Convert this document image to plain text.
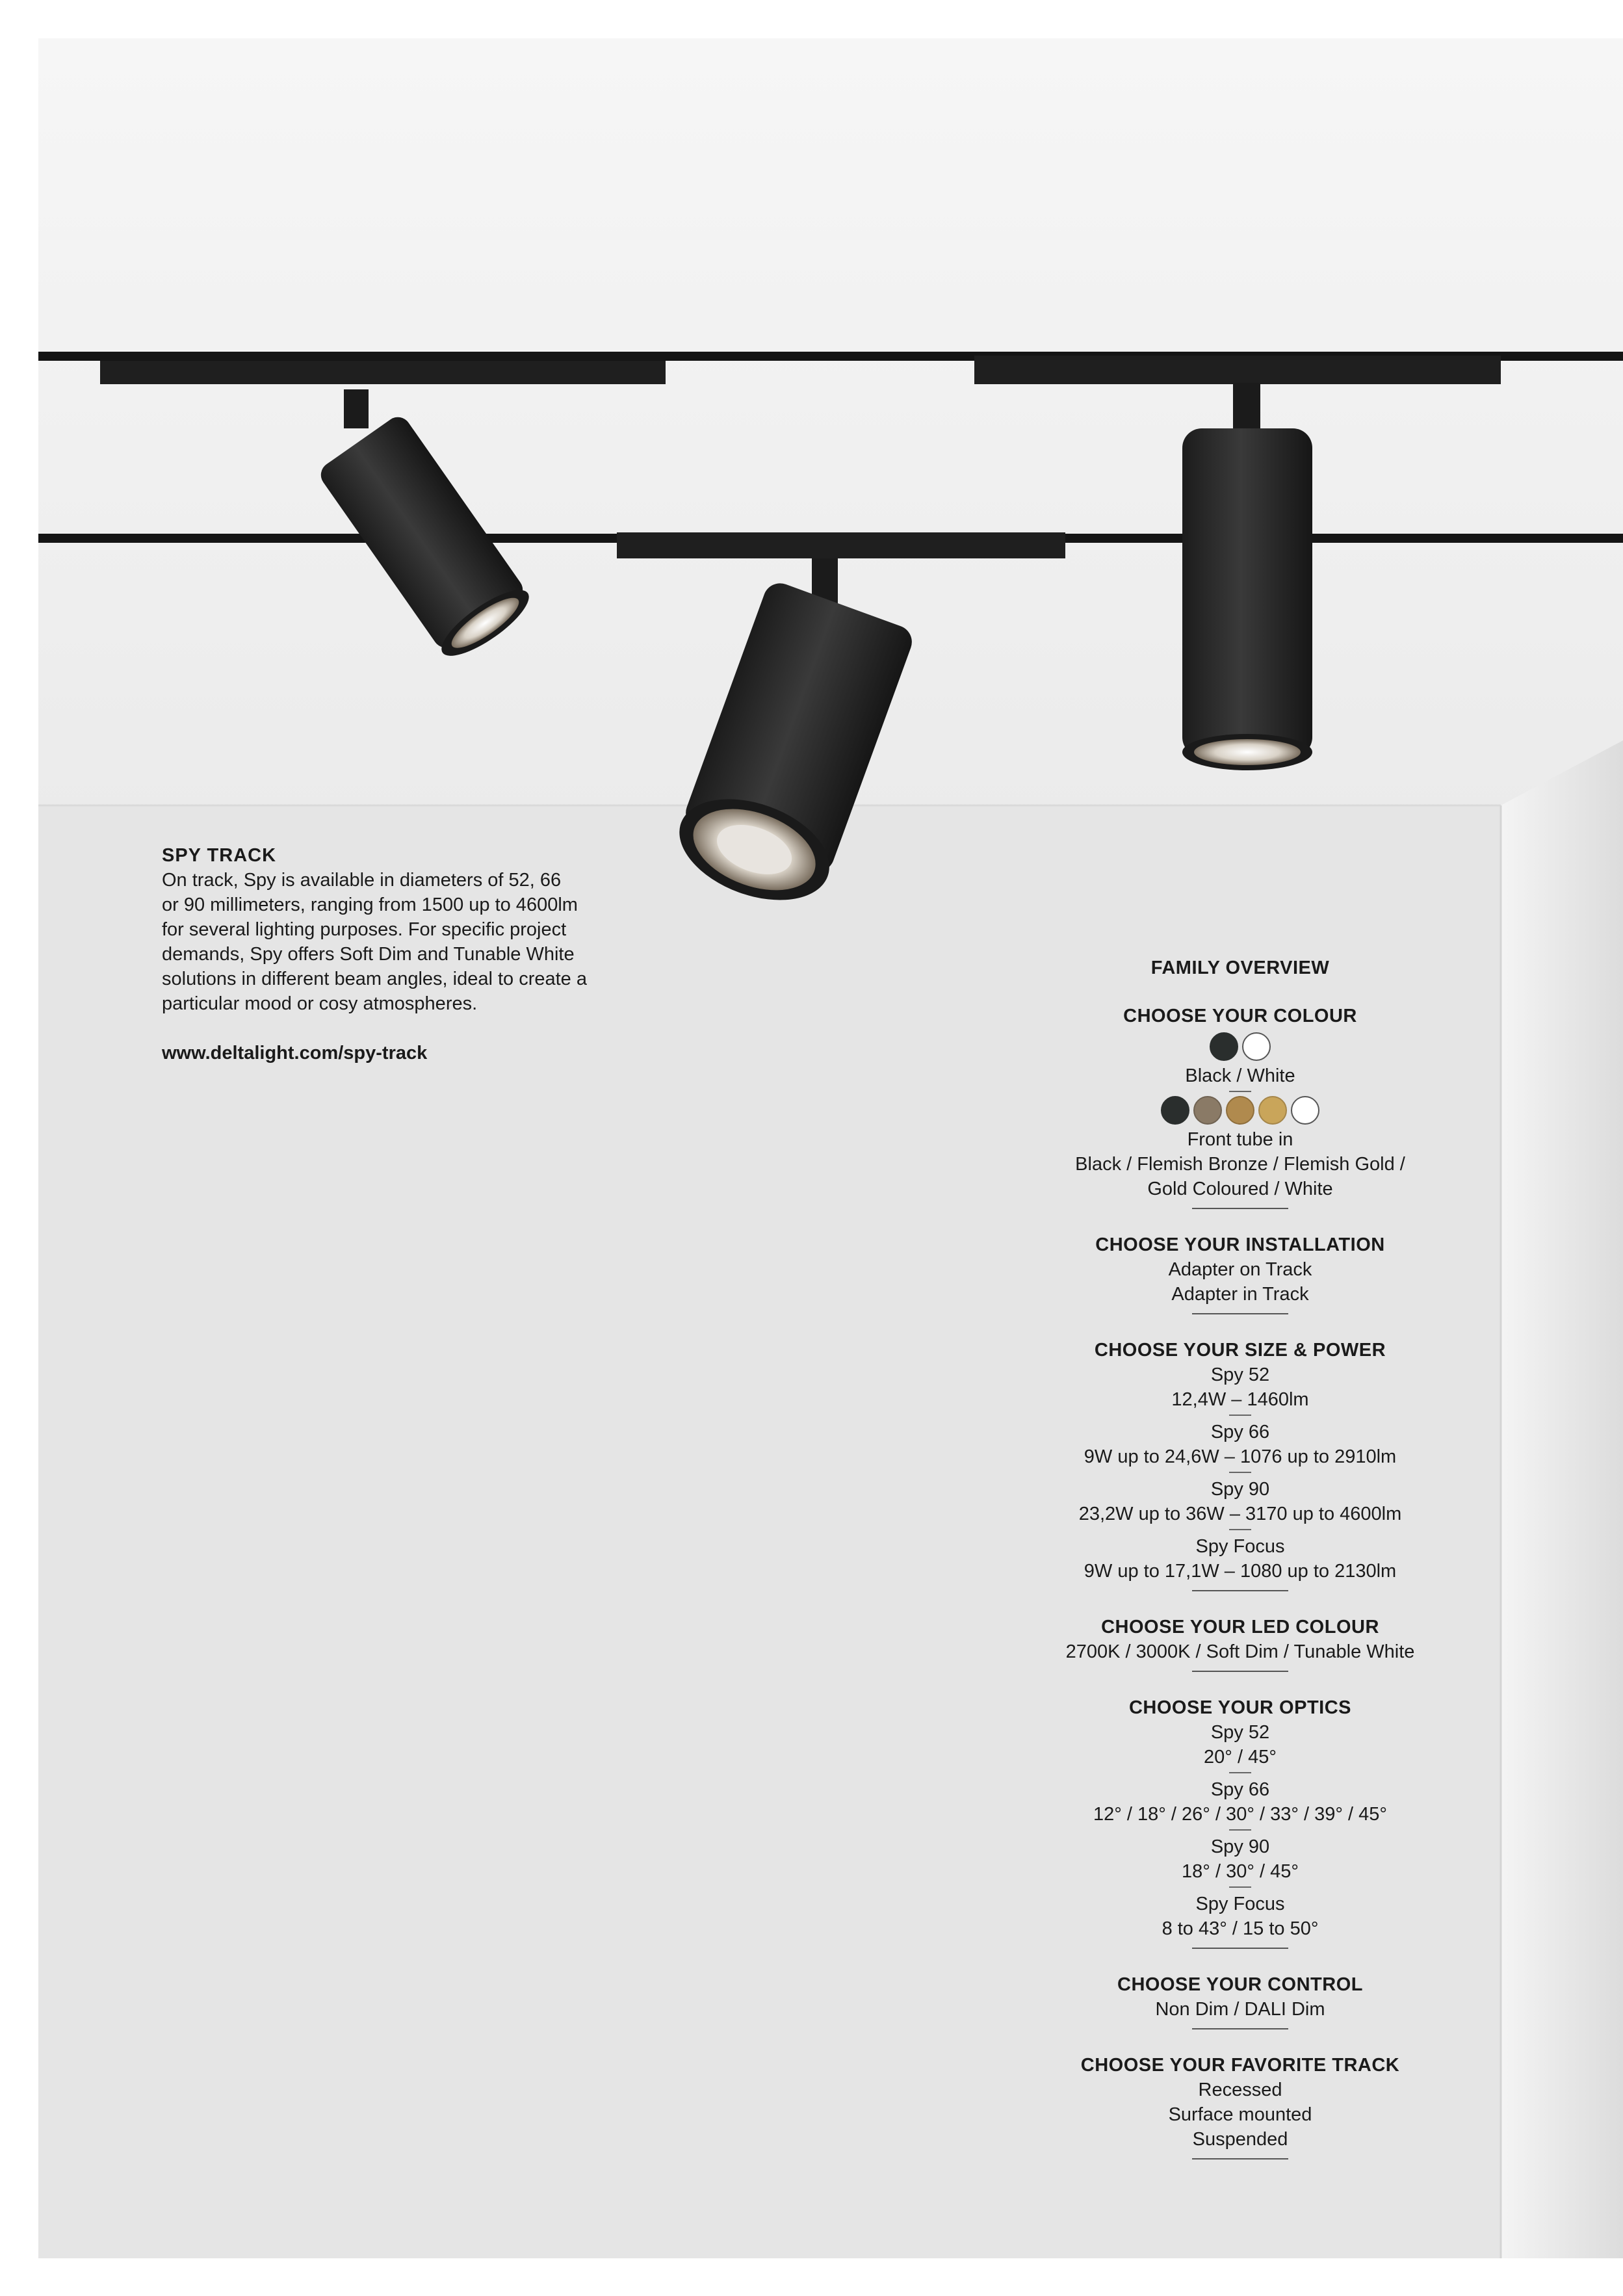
SPY TRACK
On track, Spy is available in diameters of 52, 66
or 90 millimeters, ranging from 1500 up to 4600lm
for several lighting purposes. For specific project
demands, Spy offers Soft Dim and Tunable White
solutions in different beam angles, ideal to create a
particular mood or cosy atmospheres.
www.deltalight.com/spy-track
FAMILY OVERVIEW
CHOOSE YOUR COLOUR
Black / White
Front tube in
Black / Flemish Bronze / Flemish Gold /
Gold Coloured / White
CHOOSE YOUR INSTALLATION
Adapter on Track
Adapter in Track
CHOOSE YOUR SIZE & POWER
Spy 52
12,4W – 1460lm
Spy 66
9W up to 24,6W – 1076 up to 2910lm
Spy 90
23,2W up to 36W – 3170 up to 4600lm
Spy Focus
9W up to 17,1W – 1080 up to 2130lm
CHOOSE YOUR LED COLOUR
2700K / 3000K / Soft Dim / Tunable White
CHOOSE YOUR OPTICS
Spy 52
20° / 45°
Spy 66
12° / 18° / 26° / 30° / 33° / 39° / 45°
Spy 90
18° / 30° / 45°
Spy Focus
8 to 43° / 15 to 50°
CHOOSE YOUR CONTROL
Non Dim / DALI Dim
CHOOSE YOUR FAVORITE TRACK
Recessed
Surface mounted
Suspended
